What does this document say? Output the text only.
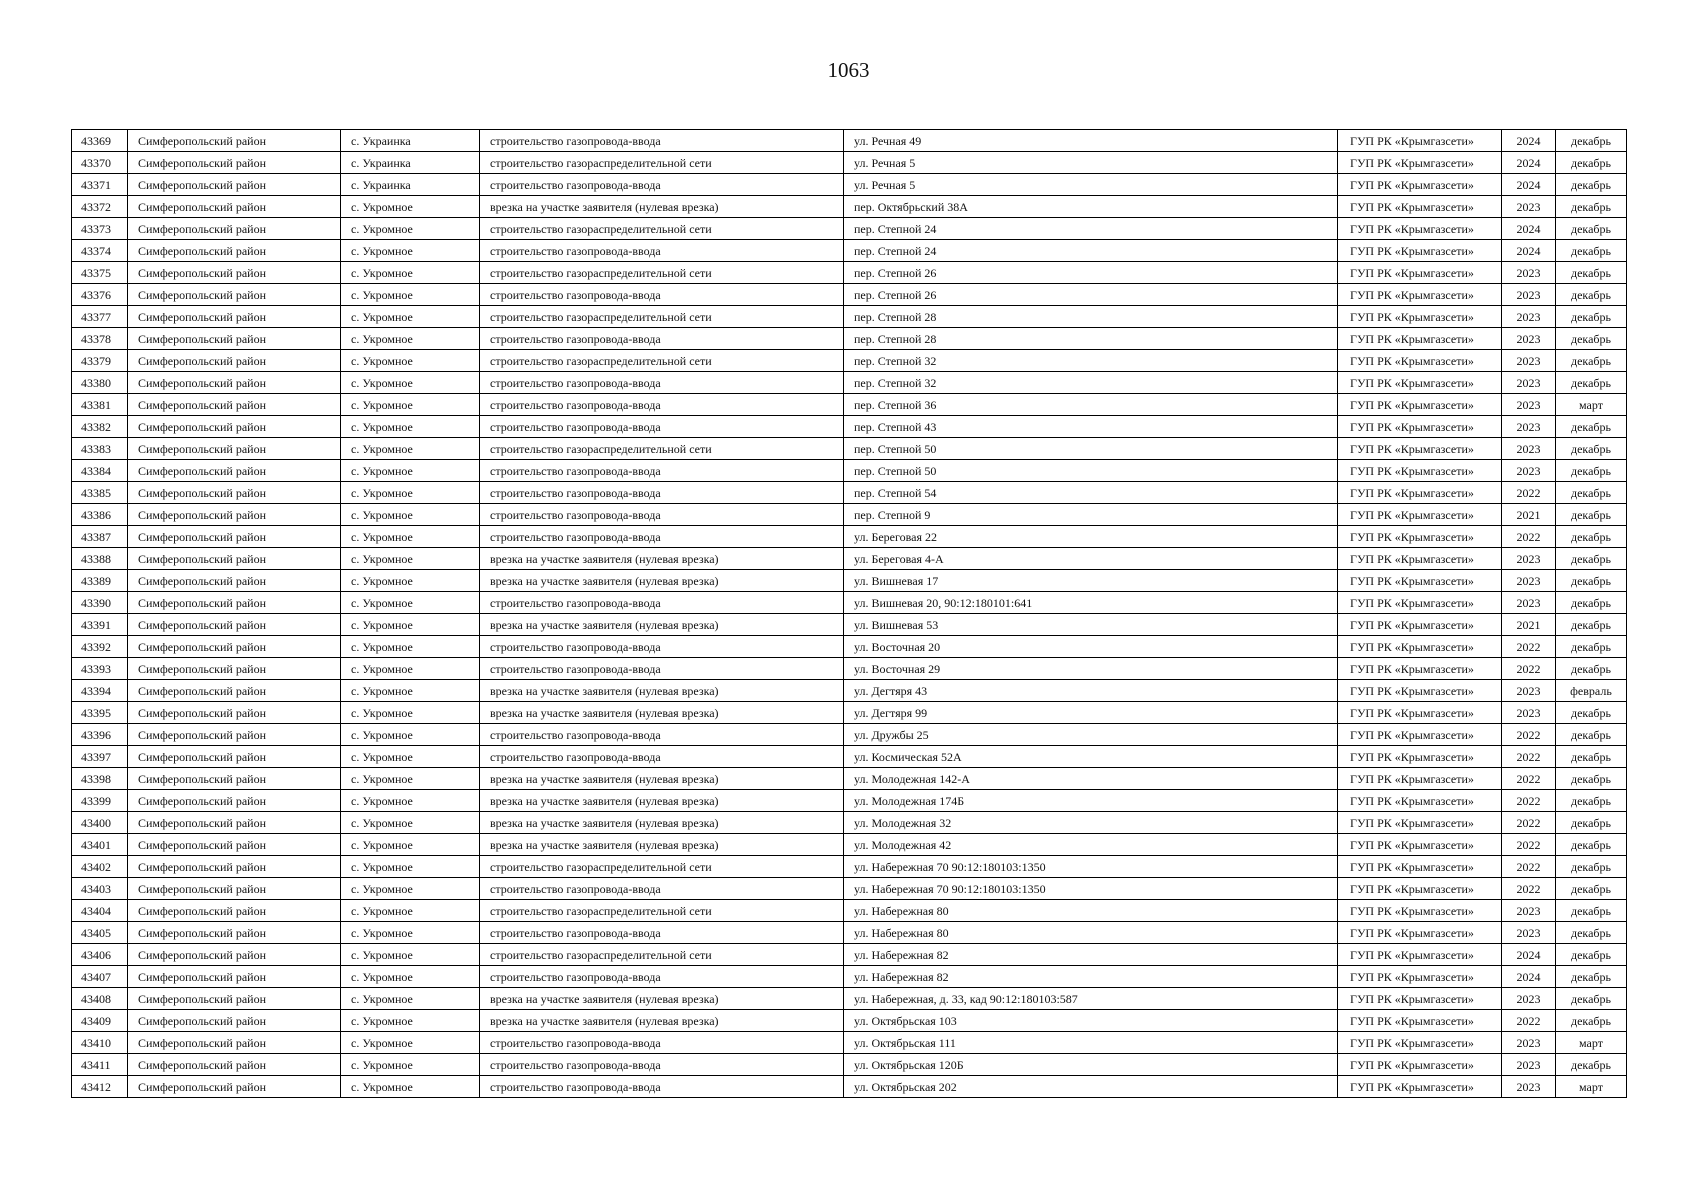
1063
43369	Симферопольский район	с. Украинка	строительство газопровода-ввода	ул. Речная 49	ГУП РК «Крымгазсети»	2024	декабрь
43370	Симферопольский район	с. Украинка	строительство газораспределительной сети	ул. Речная 5	ГУП РК «Крымгазсети»	2024	декабрь
43371	Симферопольский район	с. Украинка	строительство газопровода-ввода	ул. Речная 5	ГУП РК «Крымгазсети»	2024	декабрь
43372	Симферопольский район	с. Укромное	врезка на участке заявителя (нулевая врезка)	пер. Октябрьский 38А	ГУП РК «Крымгазсети»	2023	декабрь
43373	Симферопольский район	с. Укромное	строительство газораспределительной сети	пер. Степной 24	ГУП РК «Крымгазсети»	2024	декабрь
43374	Симферопольский район	с. Укромное	строительство газопровода-ввода	пер. Степной 24	ГУП РК «Крымгазсети»	2024	декабрь
43375	Симферопольский район	с. Укромное	строительство газораспределительной сети	пер. Степной 26	ГУП РК «Крымгазсети»	2023	декабрь
43376	Симферопольский район	с. Укромное	строительство газопровода-ввода	пер. Степной 26	ГУП РК «Крымгазсети»	2023	декабрь
43377	Симферопольский район	с. Укромное	строительство газораспределительной сети	пер. Степной 28	ГУП РК «Крымгазсети»	2023	декабрь
43378	Симферопольский район	с. Укромное	строительство газопровода-ввода	пер. Степной 28	ГУП РК «Крымгазсети»	2023	декабрь
43379	Симферопольский район	с. Укромное	строительство газораспределительной сети	пер. Степной 32	ГУП РК «Крымгазсети»	2023	декабрь
43380	Симферопольский район	с. Укромное	строительство газопровода-ввода	пер. Степной 32	ГУП РК «Крымгазсети»	2023	декабрь
43381	Симферопольский район	с. Укромное	строительство газопровода-ввода	пер. Степной 36	ГУП РК «Крымгазсети»	2023	март
43382	Симферопольский район	с. Укромное	строительство газопровода-ввода	пер. Степной 43	ГУП РК «Крымгазсети»	2023	декабрь
43383	Симферопольский район	с. Укромное	строительство газораспределительной сети	пер. Степной 50	ГУП РК «Крымгазсети»	2023	декабрь
43384	Симферопольский район	с. Укромное	строительство газопровода-ввода	пер. Степной 50	ГУП РК «Крымгазсети»	2023	декабрь
43385	Симферопольский район	с. Укромное	строительство газопровода-ввода	пер. Степной 54	ГУП РК «Крымгазсети»	2022	декабрь
43386	Симферопольский район	с. Укромное	строительство газопровода-ввода	пер. Степной 9	ГУП РК «Крымгазсети»	2021	декабрь
43387	Симферопольский район	с. Укромное	строительство газопровода-ввода	ул. Береговая 22	ГУП РК «Крымгазсети»	2022	декабрь
43388	Симферопольский район	с. Укромное	врезка на участке заявителя (нулевая врезка)	ул. Береговая 4-А	ГУП РК «Крымгазсети»	2023	декабрь
43389	Симферопольский район	с. Укромное	врезка на участке заявителя (нулевая врезка)	ул. Вишневая 17	ГУП РК «Крымгазсети»	2023	декабрь
43390	Симферопольский район	с. Укромное	строительство газопровода-ввода	ул. Вишневая 20, 90:12:180101:641	ГУП РК «Крымгазсети»	2023	декабрь
43391	Симферопольский район	с. Укромное	врезка на участке заявителя (нулевая врезка)	ул. Вишневая 53	ГУП РК «Крымгазсети»	2021	декабрь
43392	Симферопольский район	с. Укромное	строительство газопровода-ввода	ул. Восточная 20	ГУП РК «Крымгазсети»	2022	декабрь
43393	Симферопольский район	с. Укромное	строительство газопровода-ввода	ул. Восточная 29	ГУП РК «Крымгазсети»	2022	декабрь
43394	Симферопольский район	с. Укромное	врезка на участке заявителя (нулевая врезка)	ул. Дегтяря 43	ГУП РК «Крымгазсети»	2023	февраль
43395	Симферопольский район	с. Укромное	врезка на участке заявителя (нулевая врезка)	ул. Дегтяря 99	ГУП РК «Крымгазсети»	2023	декабрь
43396	Симферопольский район	с. Укромное	строительство газопровода-ввода	ул. Дружбы 25	ГУП РК «Крымгазсети»	2022	декабрь
43397	Симферопольский район	с. Укромное	строительство газопровода-ввода	ул. Космическая 52А	ГУП РК «Крымгазсети»	2022	декабрь
43398	Симферопольский район	с. Укромное	врезка на участке заявителя (нулевая врезка)	ул. Молодежная 142-А	ГУП РК «Крымгазсети»	2022	декабрь
43399	Симферопольский район	с. Укромное	врезка на участке заявителя (нулевая врезка)	ул. Молодежная 174Б	ГУП РК «Крымгазсети»	2022	декабрь
43400	Симферопольский район	с. Укромное	врезка на участке заявителя (нулевая врезка)	ул. Молодежная 32	ГУП РК «Крымгазсети»	2022	декабрь
43401	Симферопольский район	с. Укромное	врезка на участке заявителя (нулевая врезка)	ул. Молодежная 42	ГУП РК «Крымгазсети»	2022	декабрь
43402	Симферопольский район	с. Укромное	строительство газораспределительной сети	ул. Набережная 70 90:12:180103:1350	ГУП РК «Крымгазсети»	2022	декабрь
43403	Симферопольский район	с. Укромное	строительство газопровода-ввода	ул. Набережная 70 90:12:180103:1350	ГУП РК «Крымгазсети»	2022	декабрь
43404	Симферопольский район	с. Укромное	строительство газораспределительной сети	ул. Набережная 80	ГУП РК «Крымгазсети»	2023	декабрь
43405	Симферопольский район	с. Укромное	строительство газопровода-ввода	ул. Набережная 80	ГУП РК «Крымгазсети»	2023	декабрь
43406	Симферопольский район	с. Укромное	строительство газораспределительной сети	ул. Набережная 82	ГУП РК «Крымгазсети»	2024	декабрь
43407	Симферопольский район	с. Укромное	строительство газопровода-ввода	ул. Набережная 82	ГУП РК «Крымгазсети»	2024	декабрь
43408	Симферопольский район	с. Укромное	врезка на участке заявителя (нулевая врезка)	ул. Набережная, д. 33, кад 90:12:180103:587	ГУП РК «Крымгазсети»	2023	декабрь
43409	Симферопольский район	с. Укромное	врезка на участке заявителя (нулевая врезка)	ул. Октябрьская 103	ГУП РК «Крымгазсети»	2022	декабрь
43410	Симферопольский район	с. Укромное	строительство газопровода-ввода	ул. Октябрьская 111	ГУП РК «Крымгазсети»	2023	март
43411	Симферопольский район	с. Укромное	строительство газопровода-ввода	ул. Октябрьская 120Б	ГУП РК «Крымгазсети»	2023	декабрь
43412	Симферопольский район	с. Укромное	строительство газопровода-ввода	ул. Октябрьская 202	ГУП РК «Крымгазсети»	2023	март
